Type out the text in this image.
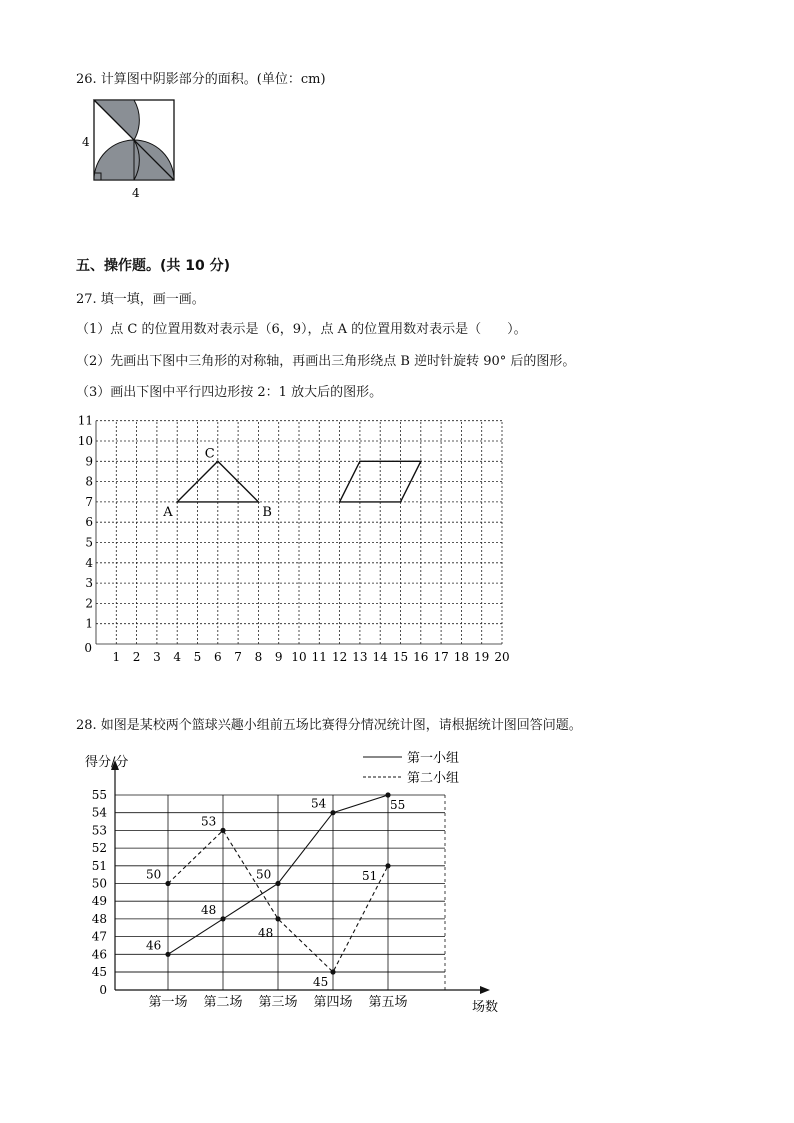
26. 计算图中阴影部分的面积。(单位：cm)
4
4
五、操作题。(共 10 分)
27. 填一填，画一画。
（1）点 C 的位置用数对表示是（6，9），点 A 的位置用数对表示是（　　）。
（2）先画出下图中三角形的对称轴，再画出三角形绕点 B 逆时针旋转 90° 后的图形。
（3）画出下图中平行四边形按 2：1 放大后的图形。
1 2 3 4 5 6 7 8 9 10 11 12 13 14 15 16 17 18 19 20
1
2
3
4
5
6
7
8
9
10
11
0
A	B
C
28. 如图是某校两个篮球兴趣小组前五场比赛得分情况统计图，请根据统计图回答问题。
0
45
46
47
48
49
50
51
52
53
54
55
第一场 第二场 第三场 第四场 第五场
得分/分
场数
第一小组
第二小组
46
48
50
54	55
50
53
48
45
51
